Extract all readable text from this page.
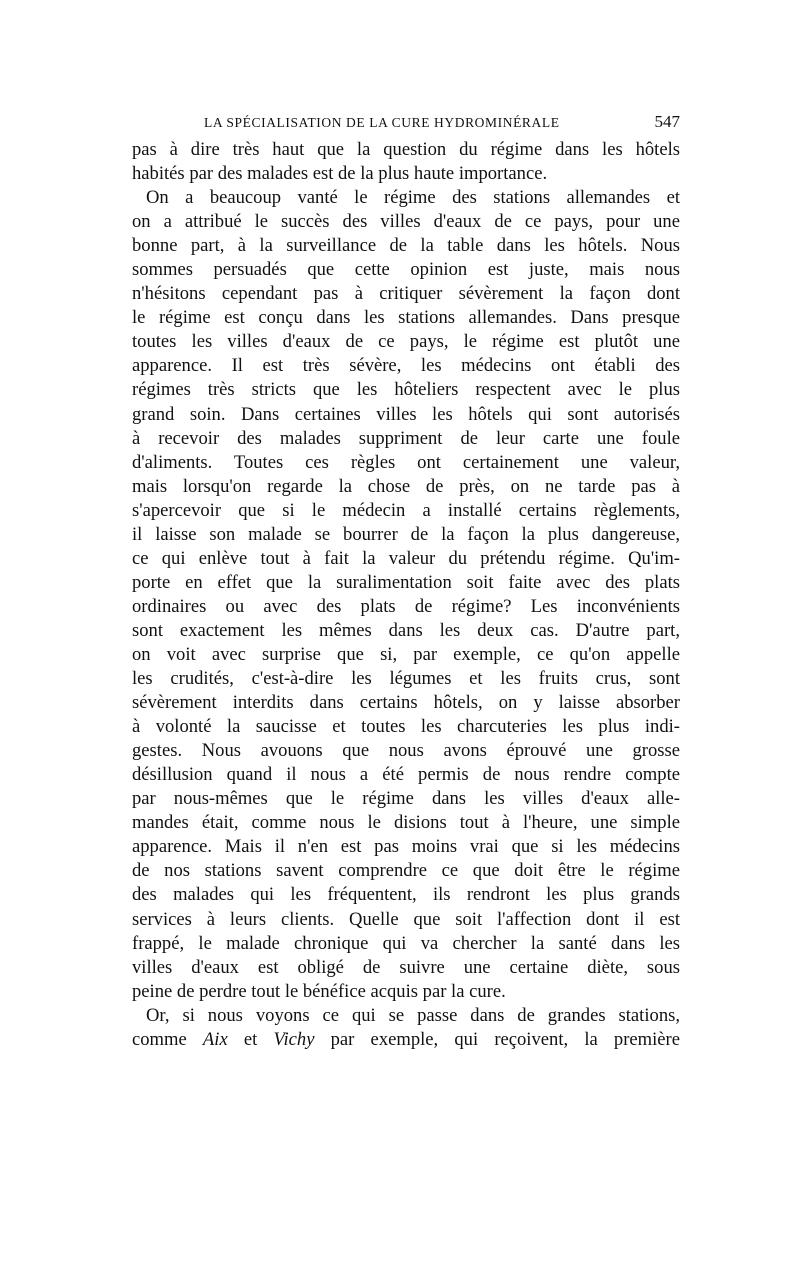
LA SPÉCIALISATION DE LA CURE HYDROMINÉRALE	547
pas à dire très haut que la question du régime dans les hôtels
habités par des malades est de la plus haute importance.
On a beaucoup vanté le régime des stations allemandes et
on a attribué le succès des villes d'eaux de ce pays, pour une
bonne part, à la surveillance de la table dans les hôtels. Nous
sommes persuadés que cette opinion est juste, mais nous
n'hésitons cependant pas à critiquer sévèrement la façon dont
le régime est conçu dans les stations allemandes. Dans presque
toutes les villes d'eaux de ce pays, le régime est plutôt une
apparence. Il est très sévère, les médecins ont établi des
régimes très stricts que les hôteliers respectent avec le plus
grand soin. Dans certaines villes les hôtels qui sont autorisés
à recevoir des malades suppriment de leur carte une foule
d'aliments. Toutes ces règles ont certainement une valeur,
mais lorsqu'on regarde la chose de près, on ne tarde pas à
s'apercevoir que si le médecin a installé certains règlements,
il laisse son malade se bourrer de la façon la plus dangereuse,
ce qui enlève tout à fait la valeur du prétendu régime. Qu'im-
porte en effet que la suralimentation soit faite avec des plats
ordinaires ou avec des plats de régime? Les inconvénients
sont exactement les mêmes dans les deux cas. D'autre part,
on voit avec surprise que si, par exemple, ce qu'on appelle
les crudités, c'est-à-dire les légumes et les fruits crus, sont
sévèrement interdits dans certains hôtels, on y laisse absorber
à volonté la saucisse et toutes les charcuteries les plus indi-
gestes. Nous avouons que nous avons éprouvé une grosse
désillusion quand il nous a été permis de nous rendre compte
par nous-mêmes que le régime dans les villes d'eaux alle-
mandes était, comme nous le disions tout à l'heure, une simple
apparence. Mais il n'en est pas moins vrai que si les médecins
de nos stations savent comprendre ce que doit être le régime
des malades qui les fréquentent, ils rendront les plus grands
services à leurs clients. Quelle que soit l'affection dont il est
frappé, le malade chronique qui va chercher la santé dans les
villes d'eaux est obligé de suivre une certaine diète, sous
peine de perdre tout le bénéfice acquis par la cure.
Or, si nous voyons ce qui se passe dans de grandes stations,
comme Aix et Vichy par exemple, qui reçoivent, la première
